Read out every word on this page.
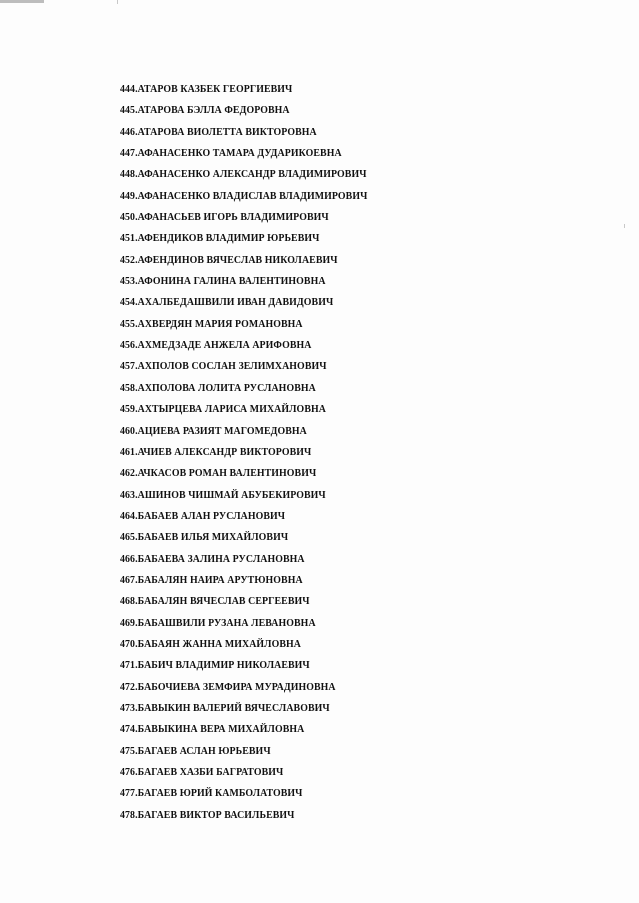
444 . АТАРОВ КАЗБЕК ГЕОРГИЕВИЧ
445 . АТАРОВА БЭЛЛА ФЕДОРОВНА
446 . АТАРОВА ВИОЛЕТТА ВИКТОРОВНА
447 . АФАНАСЕНКО ТАМАРА ДУДАРИКОЕВНА
448 . АФАНАСЕНКО АЛЕКСАНДР ВЛАДИМИРОВИЧ
449 . АФАНАСЕНКО ВЛАДИСЛАВ ВЛАДИМИРОВИЧ
450 . АФАНАСЬЕВ ИГОРЬ ВЛАДИМИРОВИЧ
451 . АФЕНДИКОВ ВЛАДИМИР ЮРЬЕВИЧ
452 . АФЕНДИНОВ ВЯЧЕСЛАВ НИКОЛАЕВИЧ
453 . АФОНИНА ГАЛИНА ВАЛЕНТИНОВНА
454 . АХАЛБЕДАШВИЛИ ИВАН ДАВИДОВИЧ
455 . АХВЕРДЯН МАРИЯ РОМАНОВНА
456 . АХМЕДЗАДЕ АНЖЕЛА АРИФОВНА
457 . АХПОЛОВ СОСЛАН ЗЕЛИМХАНОВИЧ
458 . АХПОЛОВА ЛОЛИТА РУСЛАНОВНА
459 . АХТЫРЦЕВА ЛАРИСА МИХАЙЛОВНА
460 . АЦИЕВА РАЗИЯТ МАГОМЕДОВНА
461 . АЧИЕВ АЛЕКСАНДР ВИКТОРОВИЧ
462 . АЧКАСОВ РОМАН ВАЛЕНТИНОВИЧ
463 . АШИНОВ ЧИШМАЙ АБУБЕКИРОВИЧ
464 . БАБАЕВ АЛАН РУСЛАНОВИЧ
465 . БАБАЕВ ИЛЬЯ МИХАЙЛОВИЧ
466 . БАБАЕВА ЗАЛИНА РУСЛАНОВНА
467 . БАБАЛЯН НАИРА АРУТЮНОВНА
468 . БАБАЛЯН ВЯЧЕСЛАВ СЕРГЕЕВИЧ
469 . БАБАШВИЛИ РУЗАНА ЛЕВАНОВНА
470 . БАБАЯН ЖАННА МИХАЙЛОВНА
471 . БАБИЧ ВЛАДИМИР НИКОЛАЕВИЧ
472 . БАБОЧИЕВА ЗЕМФИРА МУРАДИНОВНА
473 . БАВЫКИН ВАЛЕРИЙ ВЯЧЕСЛАВОВИЧ
474 . БАВЫКИНА ВЕРА МИХАЙЛОВНА
475 . БАГАЕВ АСЛАН ЮРЬЕВИЧ
476 . БАГАЕВ ХАЗБИ БАГРАТОВИЧ
477 . БАГАЕВ ЮРИЙ КАМБОЛАТОВИЧ
478 . БАГАЕВ ВИКТОР ВАСИЛЬЕВИЧ
